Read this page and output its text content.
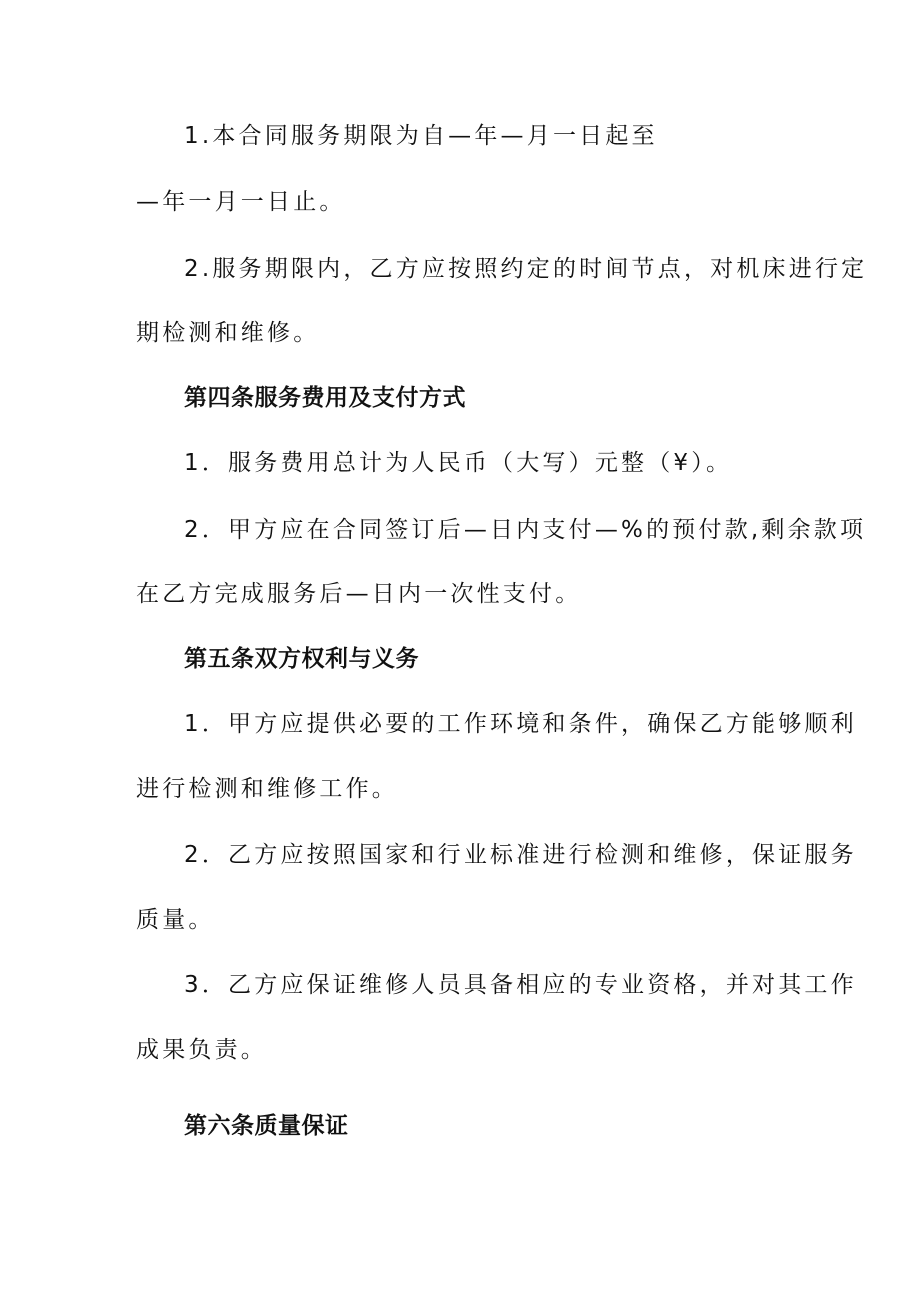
1.本合同服务期限为自—年—月一日起至
—年一月一日止。
2.服务期限内，乙方应按照约定的时间节点，对机床进行定
期检测和维修。
第四条服务费用及支付方式
1．服务费用总计为人民币（大写）元整（¥）。
2．甲方应在合同签订后—日内支付—%的预付款,剩余款项
在乙方完成服务后—日内一次性支付。
第五条双方权利与义务
1．甲方应提供必要的工作环境和条件，确保乙方能够顺利
进行检测和维修工作。
2．乙方应按照国家和行业标准进行检测和维修，保证服务
质量。
3．乙方应保证维修人员具备相应的专业资格，并对其工作
成果负责。
第六条质量保证
